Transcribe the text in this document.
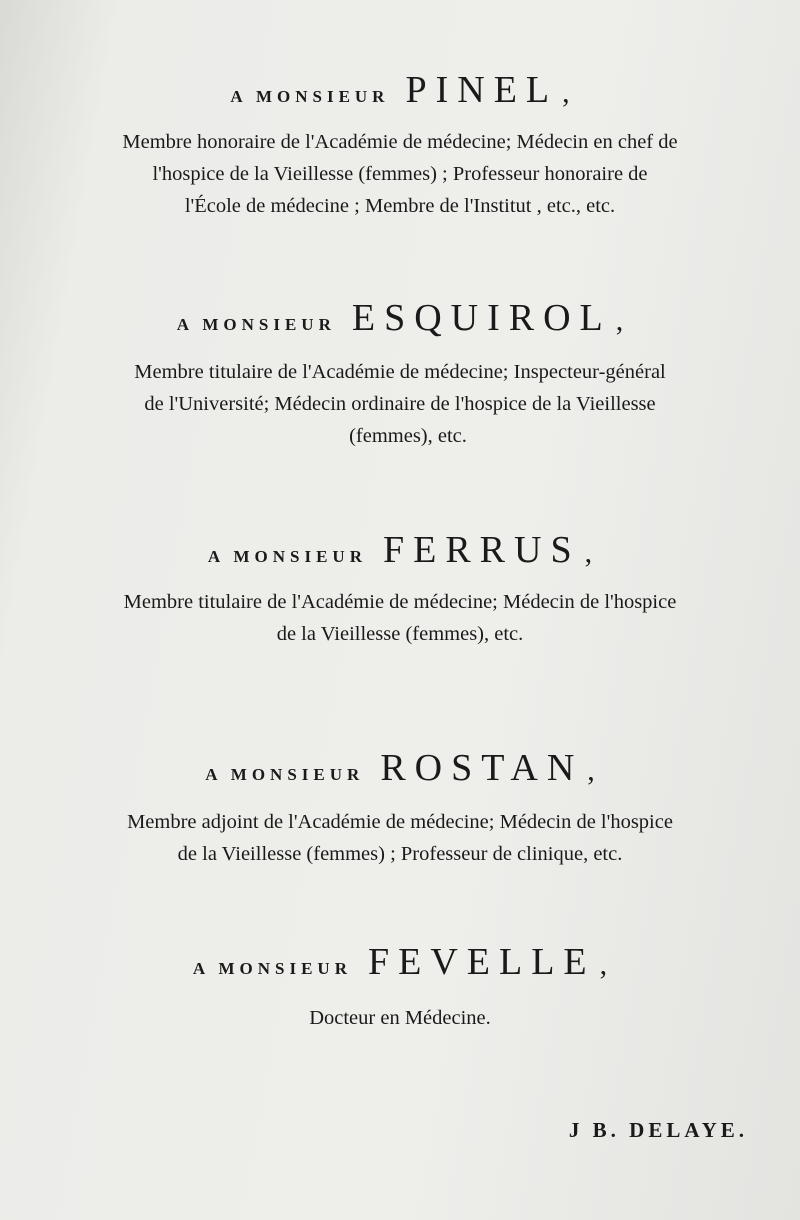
A MONSIEUR PINEL ,
Membre honoraire de l'Académie de médecine; Médecin en chef de
l'hospice de la Vieillesse (femmes) ; Professeur honoraire de
l'École de médecine ; Membre de l'Institut , etc., etc.
A MONSIEUR ESQUIROL ,
Membre titulaire de l'Académie de médecine; Inspecteur-général
de l'Université; Médecin ordinaire de l'hospice de la Vieillesse
(femmes), etc.
A MONSIEUR FERRUS ,
Membre titulaire de l'Académie de médecine; Médecin de l'hospice
de la Vieillesse (femmes), etc.
A MONSIEUR ROSTAN ,
Membre adjoint de l'Académie de médecine; Médecin de l'hospice
de la Vieillesse (femmes) ; Professeur de clinique, etc.
A MONSIEUR FEVELLE ,
Docteur en Médecine.
J B. DELAYE.
